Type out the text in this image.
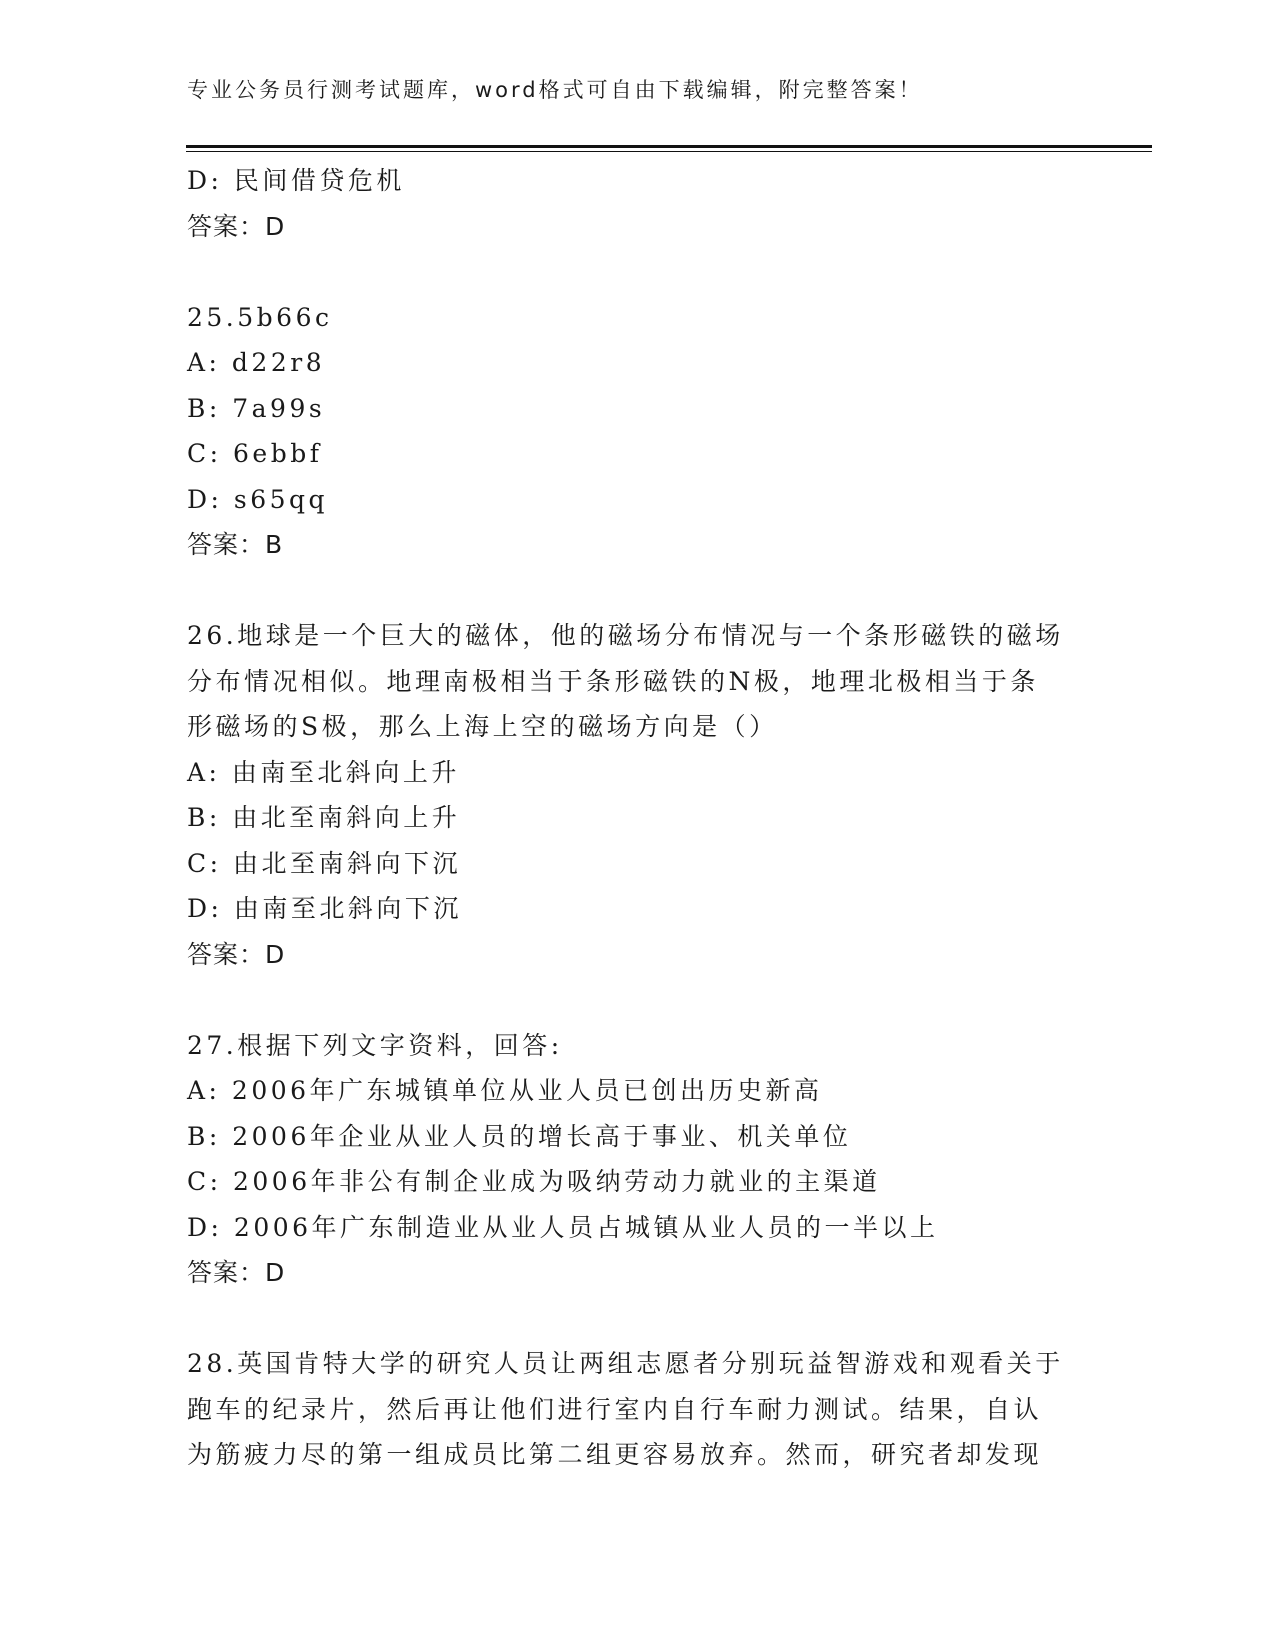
专业公务员行测考试题库，word格式可自由下载编辑，附完整答案！
D: 民间借贷危机
答案：D
25.5b66c
A: d22r8
B: 7a99s
C: 6ebbf
D: s65qq
答案：B
26.地球是一个巨大的磁体，他的磁场分布情况与一个条形磁铁的磁场
分布情况相似。地理南极相当于条形磁铁的N极，地理北极相当于条
形磁场的S极，那么上海上空的磁场方向是（）
A: 由南至北斜向上升
B: 由北至南斜向上升
C: 由北至南斜向下沉
D: 由南至北斜向下沉
答案：D
27.根据下列文字资料，回答:
A: 2006年广东城镇单位从业人员已创出历史新高
B: 2006年企业从业人员的增长高于事业、机关单位
C: 2006年非公有制企业成为吸纳劳动力就业的主渠道
D: 2006年广东制造业从业人员占城镇从业人员的一半以上
答案：D
28.英国肯特大学的研究人员让两组志愿者分别玩益智游戏和观看关于
跑车的纪录片，然后再让他们进行室内自行车耐力测试。结果，自认
为筋疲力尽的第一组成员比第二组更容易放弃。然而，研究者却发现
